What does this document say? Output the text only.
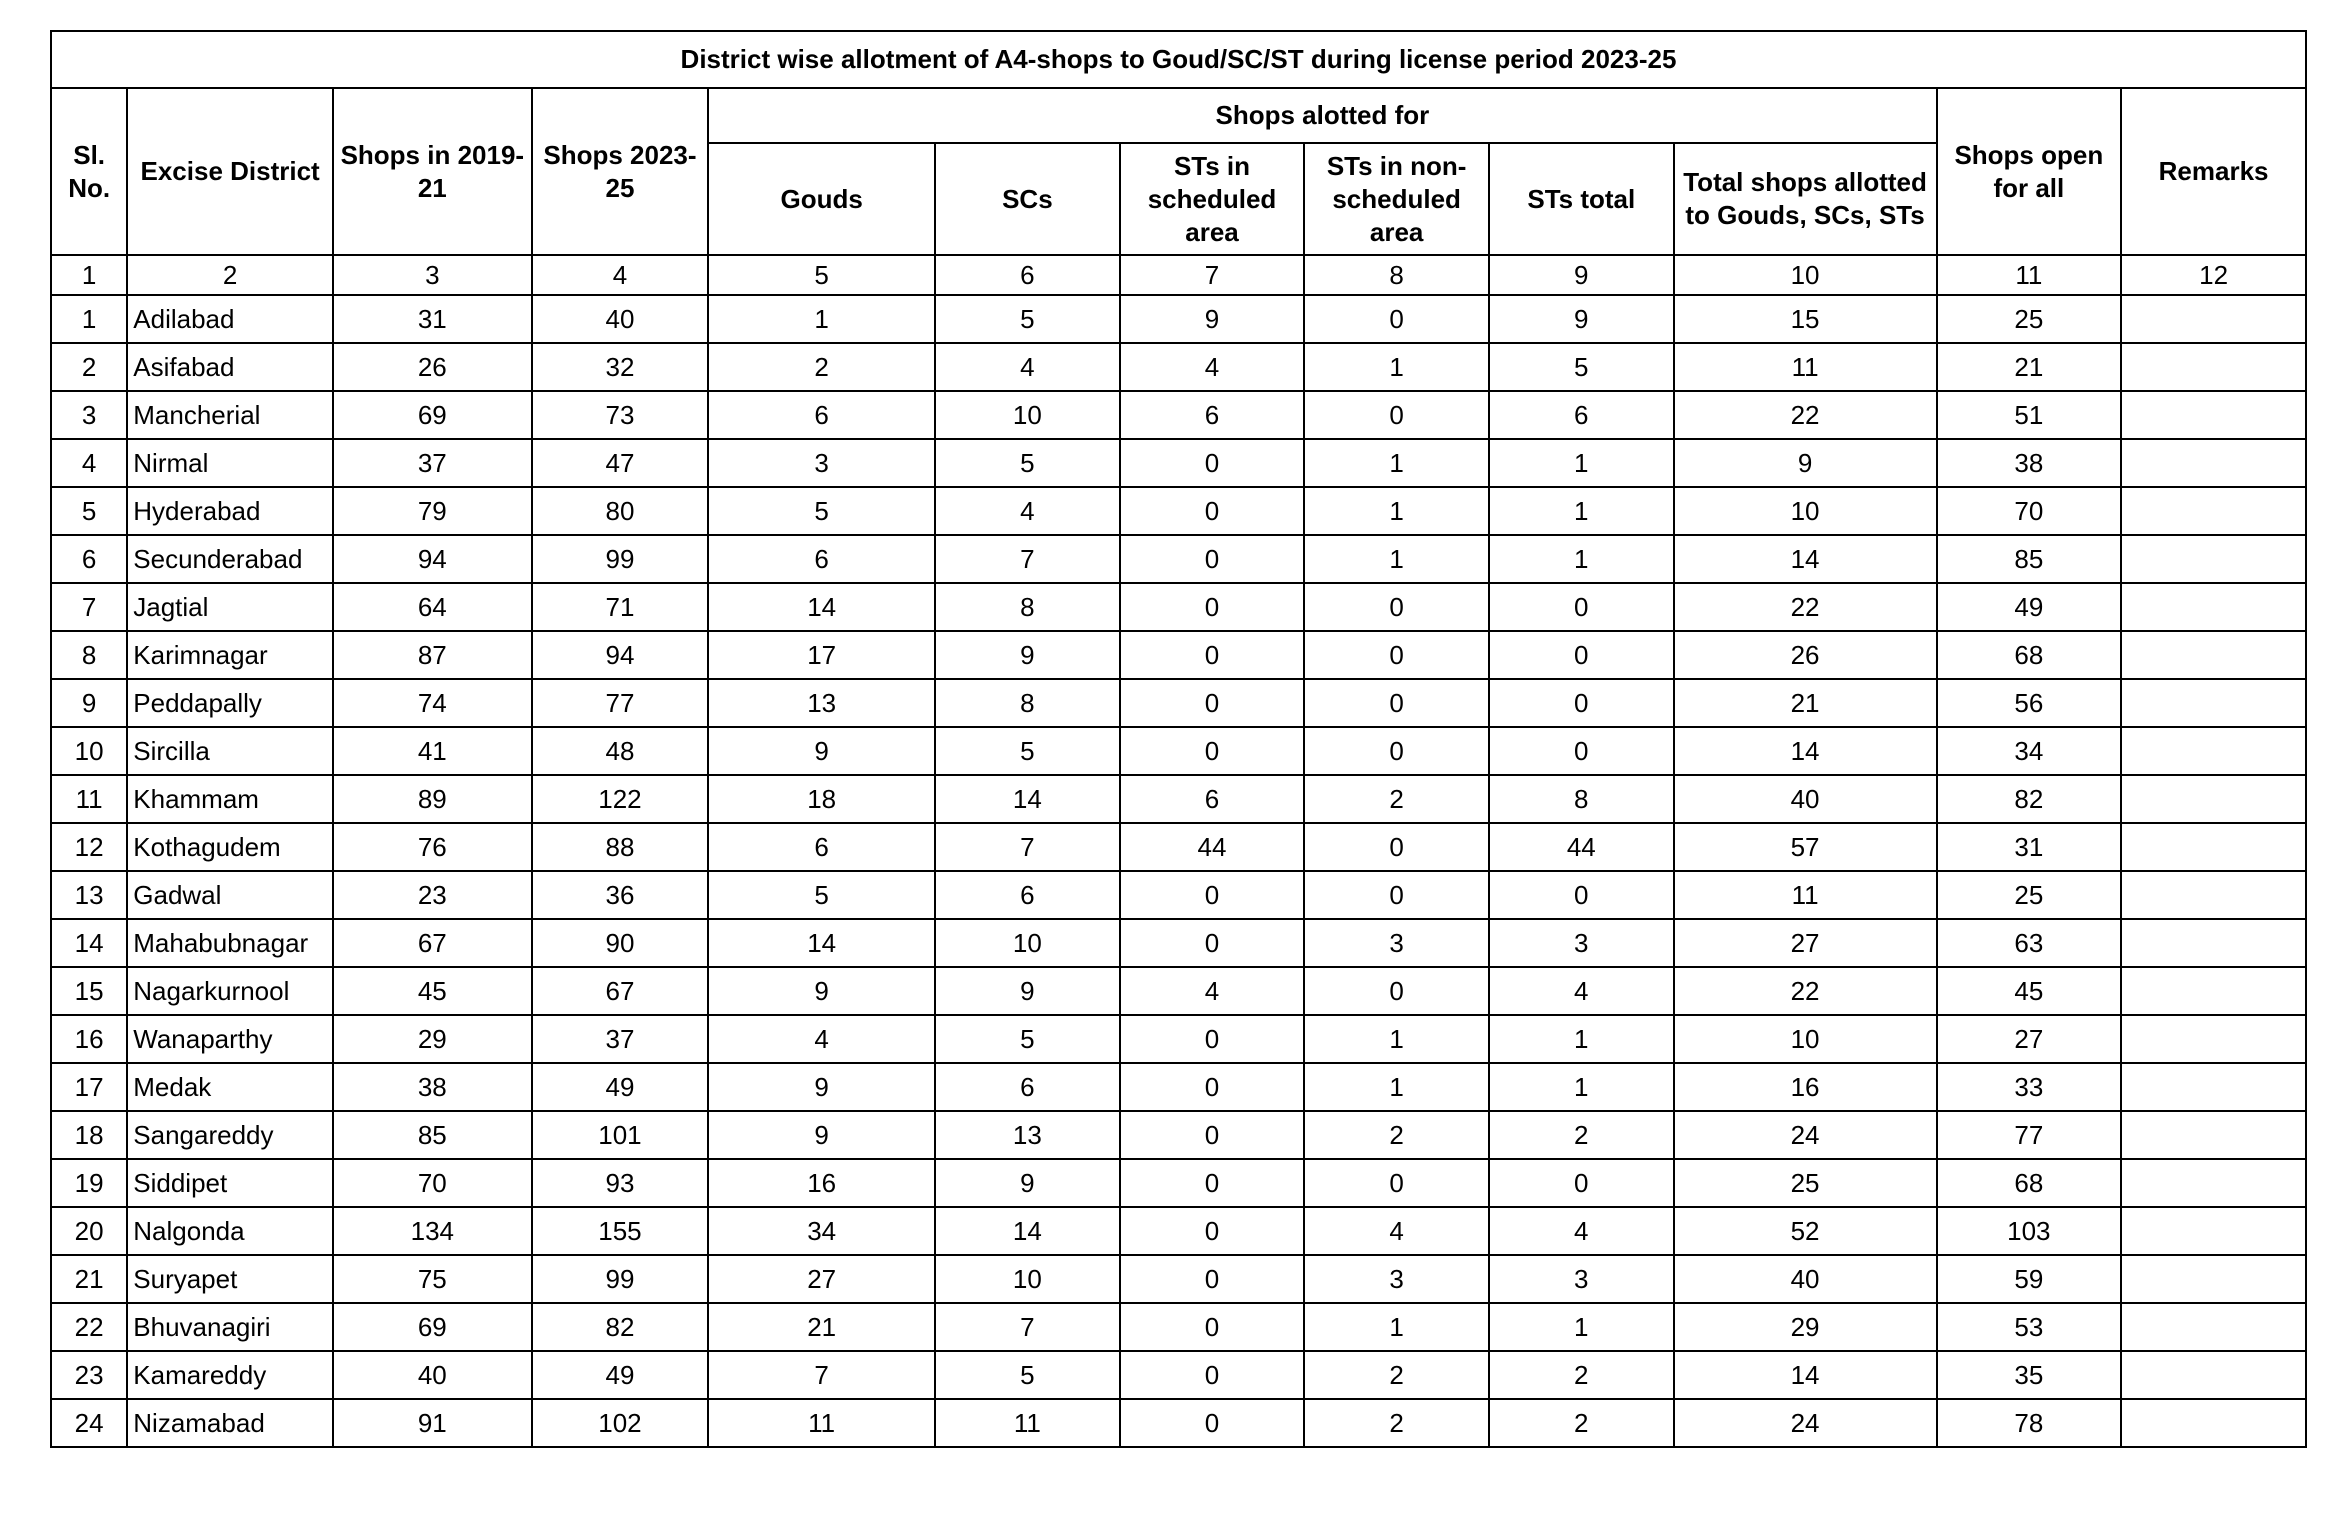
District wise allotment of A4-shops to Goud/SC/ST during license period 2023-25											
Sl. No.	Excise District	Shops in 2019-21	Shops 2023-25	Shops alotted for						Shops open for all	Remarks
				Gouds	SCs	STs in scheduled area	STs in non-scheduled area	STs total	Total shops allotted to Gouds, SCs, STs		
1	2	3	4	5	6	7	8	9	10	11	12
1	Adilabad	31	40	1	5	9	0	9	15	25	
2	Asifabad	26	32	2	4	4	1	5	11	21	
3	Mancherial	69	73	6	10	6	0	6	22	51	
4	Nirmal	37	47	3	5	0	1	1	9	38	
5	Hyderabad	79	80	5	4	0	1	1	10	70	
6	Secunderabad	94	99	6	7	0	1	1	14	85	
7	Jagtial	64	71	14	8	0	0	0	22	49	
8	Karimnagar	87	94	17	9	0	0	0	26	68	
9	Peddapally	74	77	13	8	0	0	0	21	56	
10	Sircilla	41	48	9	5	0	0	0	14	34	
11	Khammam	89	122	18	14	6	2	8	40	82	
12	Kothagudem	76	88	6	7	44	0	44	57	31	
13	Gadwal	23	36	5	6	0	0	0	11	25	
14	Mahabubnagar	67	90	14	10	0	3	3	27	63	
15	Nagarkurnool	45	67	9	9	4	0	4	22	45	
16	Wanaparthy	29	37	4	5	0	1	1	10	27	
17	Medak	38	49	9	6	0	1	1	16	33	
18	Sangareddy	85	101	9	13	0	2	2	24	77	
19	Siddipet	70	93	16	9	0	0	0	25	68	
20	Nalgonda	134	155	34	14	0	4	4	52	103	
21	Suryapet	75	99	27	10	0	3	3	40	59	
22	Bhuvanagiri	69	82	21	7	0	1	1	29	53	
23	Kamareddy	40	49	7	5	0	2	2	14	35	
24	Nizamabad	91	102	11	11	0	2	2	24	78	
